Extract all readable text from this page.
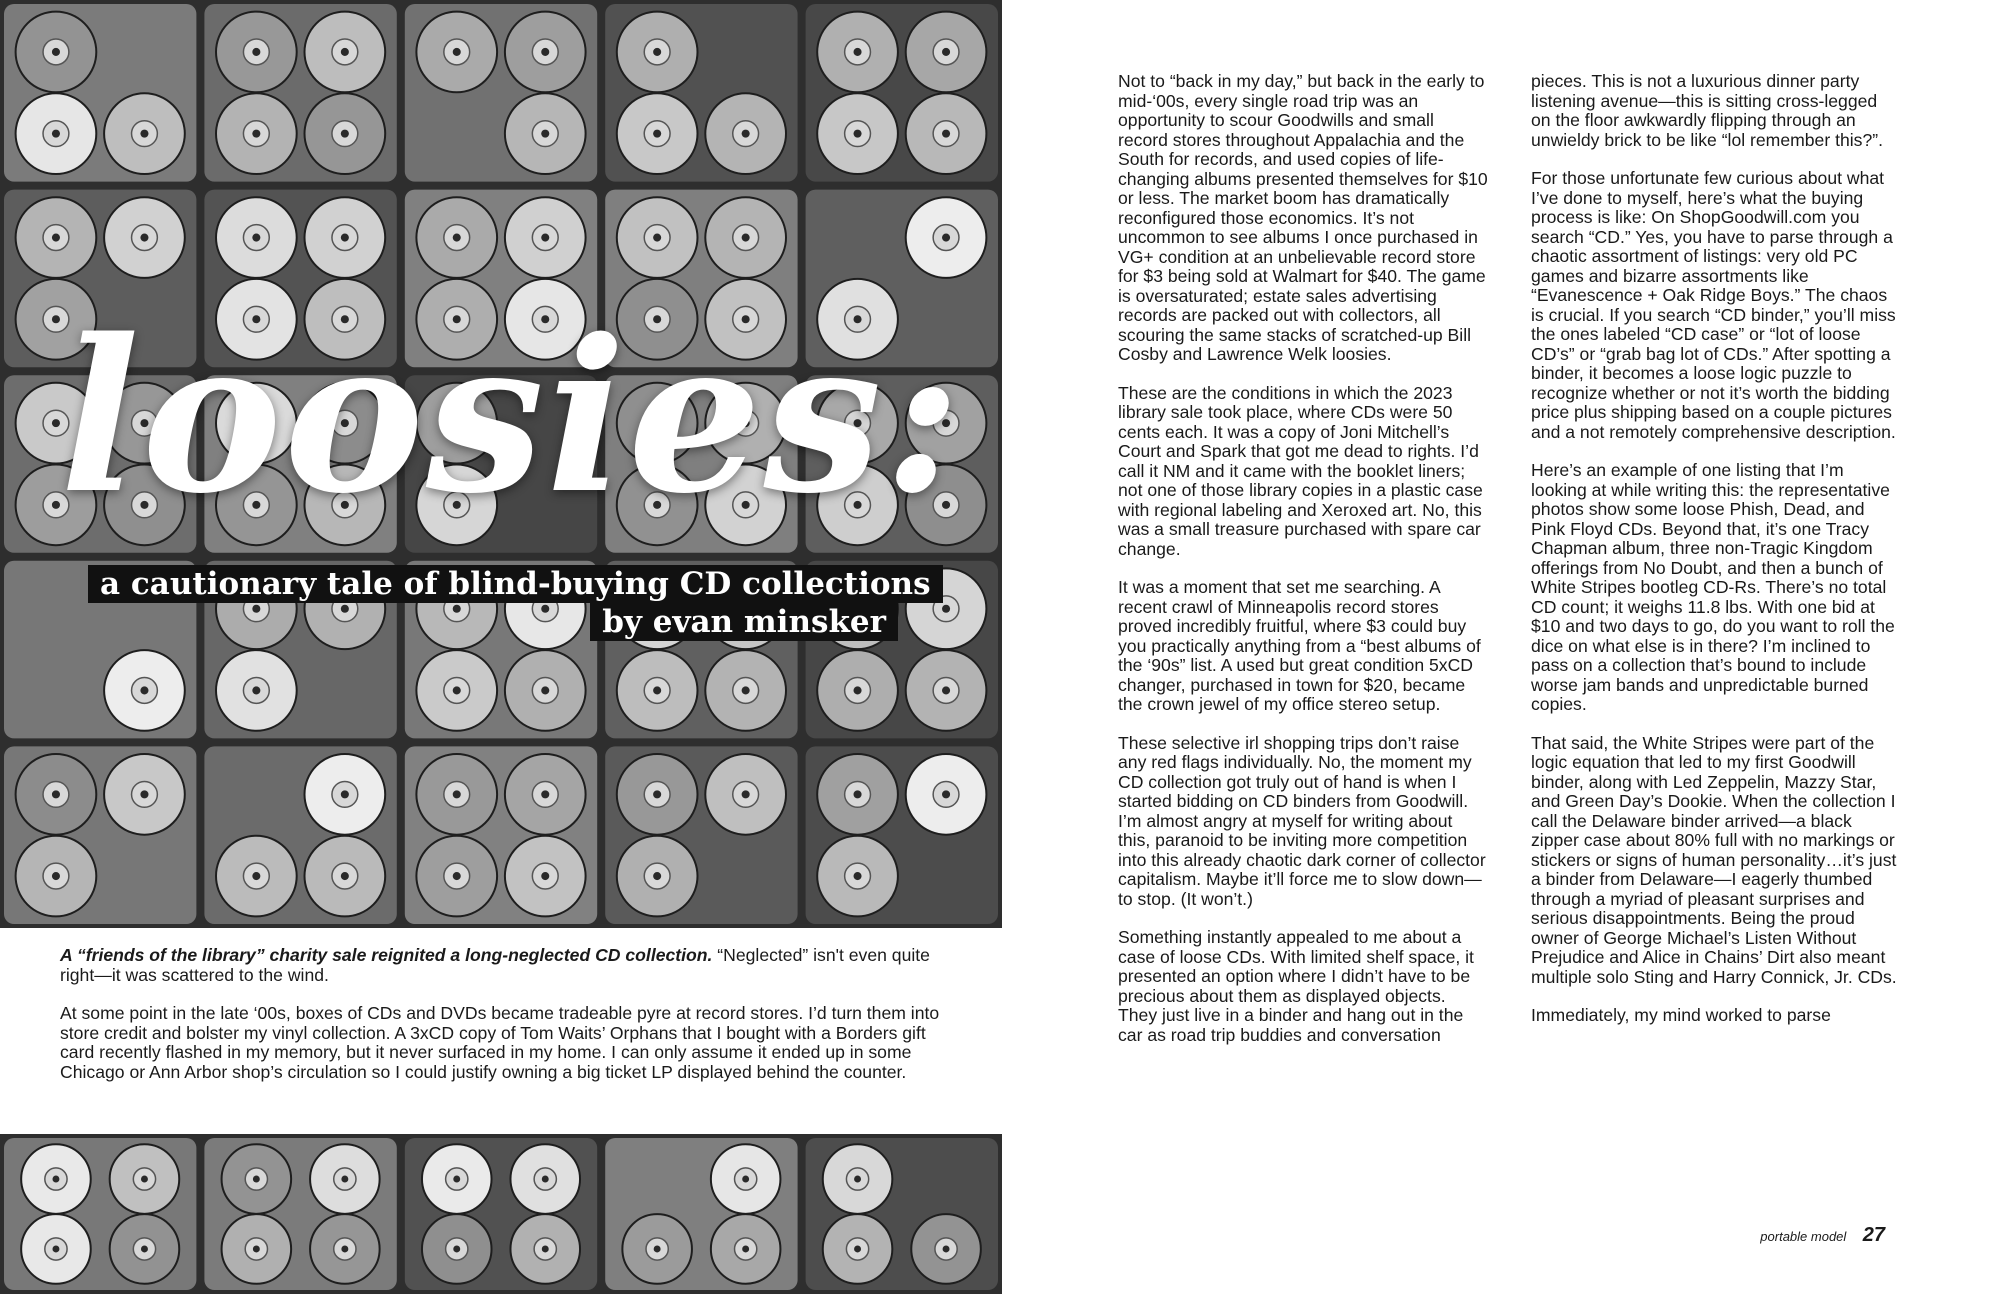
loosies:
a cautionary tale of blind-buying CD collections
by evan minsker

A “friends of the library” charity sale reignited a long-neglected CD collection. “Neglected” isn't even quite right—it was scattered to the wind.

At some point in the late ‘00s, boxes of CDs and DVDs became tradeable pyre at record stores. I’d turn them into store credit and bolster my vinyl collection. A 3xCD copy of Tom Waits’ Orphans that I bought with a Borders gift card recently flashed in my memory, but it never surfaced in my home. I can only assume it ended up in some Chicago or Ann Arbor shop’s circulation so I could justify owning a big ticket LP displayed behind the counter.

Not to “back in my day,” but back in the early to mid-‘00s, every single road trip was an opportunity to scour Goodwills and small record stores throughout Appalachia and the South for records, and used copies of life-changing albums presented themselves for $10 or less. The market boom has dramatically reconfigured those economics. It’s not uncommon to see albums I once purchased in VG+ condition at an unbelievable record store for $3 being sold at Walmart for $40. The game is oversaturated; estate sales advertising records are packed out with collectors, all scouring the same stacks of scratched-up Bill Cosby and Lawrence Welk loosies.

These are the conditions in which the 2023 library sale took place, where CDs were 50 cents each. It was a copy of Joni Mitchell’s Court and Spark that got me dead to rights. I’d call it NM and it came with the booklet liners; not one of those library copies in a plastic case with regional labeling and Xeroxed art. No, this was a small treasure purchased with spare car change.

It was a moment that set me searching. A recent crawl of Minneapolis record stores proved incredibly fruitful, where $3 could buy you practically anything from a “best albums of the ‘90s” list. A used but great condition 5xCD changer, purchased in town for $20, became the crown jewel of my office stereo setup.

These selective irl shopping trips don’t raise any red flags individually. No, the moment my CD collection got truly out of hand is when I started bidding on CD binders from Goodwill. I’m almost angry at myself for writing about this, paranoid to be inviting more competition into this already chaotic dark corner of collector capitalism. Maybe it’ll force me to slow down—to stop. (It won’t.)

Something instantly appealed to me about a case of loose CDs. With limited shelf space, it presented an option where I didn’t have to be precious about them as displayed objects. They just live in a binder and hang out in the car as road trip buddies and conversation

pieces. This is not a luxurious dinner party listening avenue—this is sitting cross-legged on the floor awkwardly flipping through an unwieldy brick to be like “lol remember this?”.

For those unfortunate few curious about what I’ve done to myself, here’s what the buying process is like: On ShopGoodwill.com you search “CD.” Yes, you have to parse through a chaotic assortment of listings: very old PC games and bizarre assortments like “Evanescence + Oak Ridge Boys.” The chaos is crucial. If you search “CD binder,” you’ll miss the ones labeled “CD case” or “lot of loose CD’s” or “grab bag lot of CDs.” After spotting a binder, it becomes a loose logic puzzle to recognize whether or not it’s worth the bidding price plus shipping based on a couple pictures and a not remotely comprehensive description.

Here’s an example of one listing that I’m looking at while writing this: the representative photos show some loose Phish, Dead, and Pink Floyd CDs. Beyond that, it’s one Tracy Chapman album, three non-Tragic Kingdom offerings from No Doubt, and then a bunch of White Stripes bootleg CD-Rs. There’s no total CD count; it weighs 11.8 lbs. With one bid at $10 and two days to go, do you want to roll the dice on what else is in there? I’m inclined to pass on a collection that’s bound to include worse jam bands and unpredictable burned copies.

That said, the White Stripes were part of the logic equation that led to my first Goodwill binder, along with Led Zeppelin, Mazzy Star, and Green Day’s Dookie. When the collection I call the Delaware binder arrived—a black zipper case about 80% full with no markings or stickers or signs of human personality…it’s just a binder from Delaware—I eagerly thumbed through a myriad of pleasant surprises and serious disappointments. Being the proud owner of George Michael’s Listen Without Prejudice and Alice in Chains’ Dirt also meant multiple solo Sting and Harry Connick, Jr. CDs.

Immediately, my mind worked to parse

portable model 27
